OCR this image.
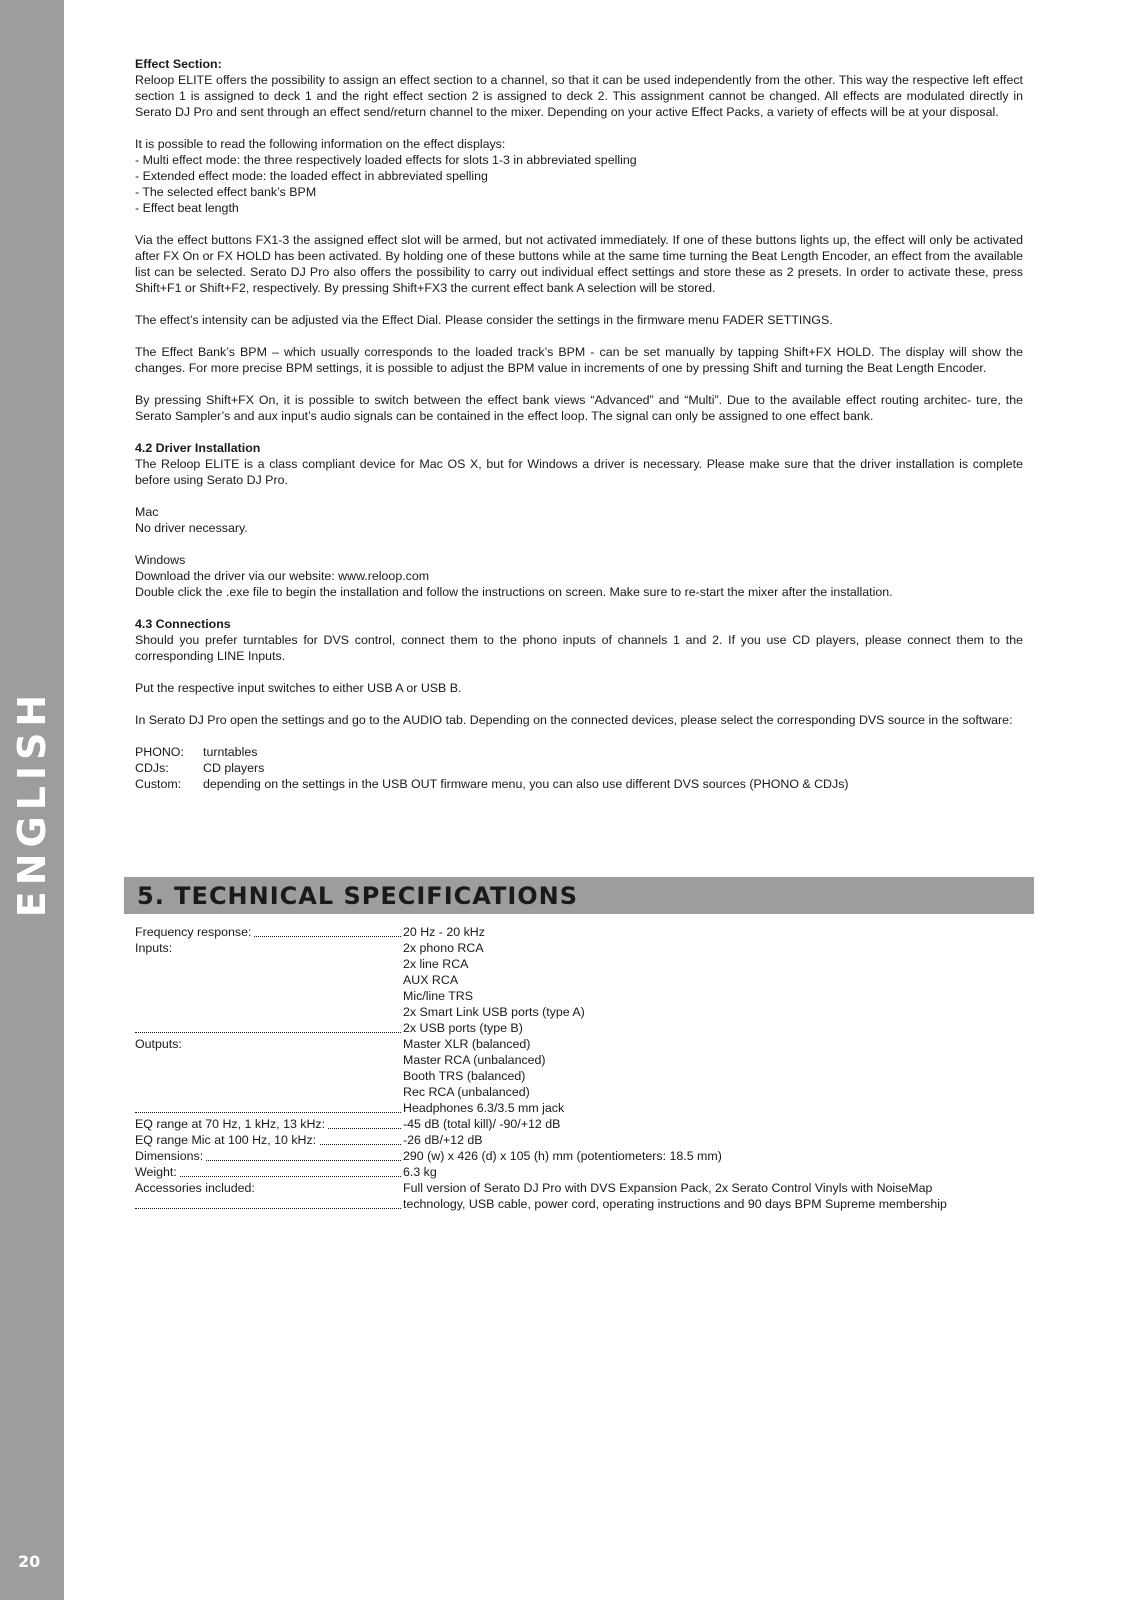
ENGLISH
20
Effect Section:

Reloop ELITE offers the possibility to assign an effect section to a channel, so that it can be used independently from the other. This way the respective left effect section 1 is assigned to deck 1 and the right effect section 2 is assigned to deck 2. This assignment cannot be changed. All effects are modulated directly in Serato DJ Pro and sent through an effect send/return channel to the mixer. Depending on your active Effect Packs, a variety of effects will be at your disposal.

It is possible to read the following information on the effect displays:
- Multi effect mode: the three respectively loaded effects for slots 1-3 in abbreviated spelling
- Extended effect mode: the loaded effect in abbreviated spelling
- The selected effect bank’s BPM
- Effect beat length

Via the effect buttons FX1-3 the assigned effect slot will be armed, but not activated immediately. If one of these buttons lights up, the effect will only be activated after FX On or FX HOLD has been activated. By holding one of these buttons while at the same time turning the Beat Length Encoder, an effect from the available list can be selected. Serato DJ Pro also offers the possibility to carry out individual effect settings and store these as 2 presets. In order to activate these, press Shift+F1 or Shift+F2, respectively. By pressing Shift+FX3 the current effect bank A selection will be stored.

The effect’s intensity can be adjusted via the Effect Dial. Please consider the settings in the firmware menu FADER SETTINGS.

The Effect Bank’s BPM – which usually corresponds to the loaded track’s BPM - can be set manually by tapping Shift+FX HOLD. The display will show the changes. For more precise BPM settings, it is possible to adjust the BPM value in increments of one by pressing Shift and turning the Beat Length Encoder.

By pressing Shift+FX On, it is possible to switch between the effect bank views “Advanced” and “Multi”. Due to the available effect routing architec- ture, the Serato Sampler’s and aux input’s audio signals can be contained in the effect loop. The signal can only be assigned to one effect bank.

4.2 Driver Installation

The Reloop ELITE is a class compliant device for Mac OS X, but for Windows a driver is necessary. Please make sure that the driver installation is complete before using Serato DJ Pro.

Mac

No driver necessary.

Windows
Download the driver via our website: www.reloop.com

Double click the .exe file to begin the installation and follow the instructions on screen. Make sure to re-start the mixer after the installation.

4.3 Connections

Should you prefer turntables for DVS control, connect them to the phono inputs of channels 1 and 2. If you use CD players, please connect them to the corresponding LINE Inputs.

Put the respective input switches to either USB A or USB B.

In Serato DJ Pro open the settings and go to the AUDIO tab. Depending on the connected devices, please select the corresponding DVS source in the software:

PHONO:	turntables
CDJs:	CD players
Custom:	depending on the settings in the USB OUT firmware menu, you can also use different DVS sources (PHONO & CDJs)
5. TECHNICAL SPECIFICATIONS
Frequency response:	20 Hz - 20 kHz
Inputs:	2x phono RCA
2x line RCA
AUX RCA
Mic/line TRS
2x Smart Link USB ports (type A)
2x USB ports (type B)
Outputs:	Master XLR (balanced)
Master RCA (unbalanced)
Booth TRS (balanced)
Rec RCA (unbalanced)
Headphones 6.3/3.5 mm jack
EQ range at 70 Hz, 1 kHz, 13 kHz:	-45 dB (total kill)/ -90/+12 dB
EQ range Mic at 100 Hz, 10 kHz:	-26 dB/+12 dB
Dimensions:	290 (w) x 426 (d) x 105 (h) mm (potentiometers: 18.5 mm)
Weight:	6.3 kg
Accessories included:	Full version of Serato DJ Pro with DVS Expansion Pack, 2x Serato Control Vinyls with NoiseMap
technology, USB cable, power cord, operating instructions and 90 days BPM Supreme membership
